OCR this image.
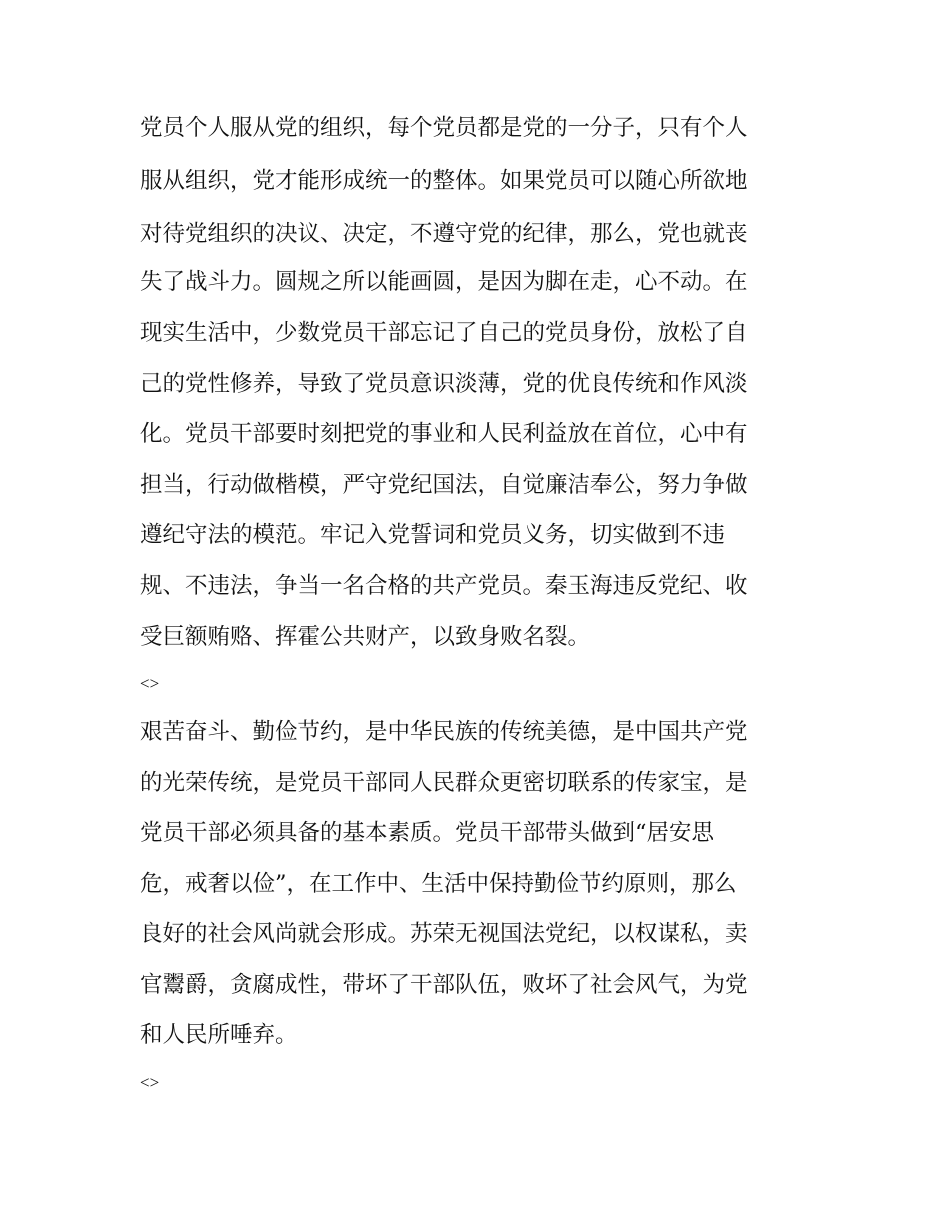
党员个人服从党的组织，每个党员都是党的一分子，只有个人

服从组织，党才能形成统一的整体。如果党员可以随心所欲地

对待党组织的决议、决定，不遵守党的纪律，那么，党也就丧

失了战斗力。圆规之所以能画圆，是因为脚在走，心不动。在

现实生活中，少数党员干部忘记了自己的党员身份，放松了自

己的党性修养，导致了党员意识淡薄，党的优良传统和作风淡

化。党员干部要时刻把党的事业和人民利益放在首位，心中有

担当，行动做楷模，严守党纪国法，自觉廉洁奉公，努力争做

遵纪守法的模范。牢记入党誓词和党员义务，切实做到不违

规、不违法，争当一名合格的共产党员。秦玉海违反党纪、收

受巨额贿赂、挥霍公共财产，以致身败名裂。

<>

艰苦奋斗、勤俭节约，是中华民族的传统美德，是中国共产党

的光荣传统，是党员干部同人民群众更密切联系的传家宝，是

党员干部必须具备的基本素质。党员干部带头做到“居安思

危，戒奢以俭”，在工作中、生活中保持勤俭节约原则，那么

良好的社会风尚就会形成。苏荣无视国法党纪，以权谋私，卖

官鬻爵，贪腐成性，带坏了干部队伍，败坏了社会风气，为党

和人民所唾弃。

<>
